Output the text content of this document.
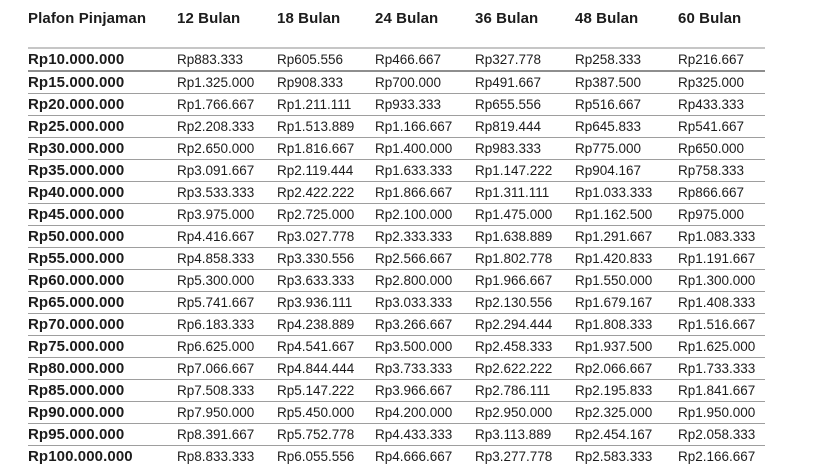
Plafon Pinjaman	12 Bulan	18 Bulan	24 Bulan	36 Bulan	48 Bulan	60 Bulan
Rp10.000.000	Rp883.333	Rp605.556	Rp466.667	Rp327.778	Rp258.333	Rp216.667
Rp15.000.000	Rp1.325.000	Rp908.333	Rp700.000	Rp491.667	Rp387.500	Rp325.000
Rp20.000.000	Rp1.766.667	Rp1.211.111	Rp933.333	Rp655.556	Rp516.667	Rp433.333
Rp25.000.000	Rp2.208.333	Rp1.513.889	Rp1.166.667	Rp819.444	Rp645.833	Rp541.667
Rp30.000.000	Rp2.650.000	Rp1.816.667	Rp1.400.000	Rp983.333	Rp775.000	Rp650.000
Rp35.000.000	Rp3.091.667	Rp2.119.444	Rp1.633.333	Rp1.147.222	Rp904.167	Rp758.333
Rp40.000.000	Rp3.533.333	Rp2.422.222	Rp1.866.667	Rp1.311.111	Rp1.033.333	Rp866.667
Rp45.000.000	Rp3.975.000	Rp2.725.000	Rp2.100.000	Rp1.475.000	Rp1.162.500	Rp975.000
Rp50.000.000	Rp4.416.667	Rp3.027.778	Rp2.333.333	Rp1.638.889	Rp1.291.667	Rp1.083.333
Rp55.000.000	Rp4.858.333	Rp3.330.556	Rp2.566.667	Rp1.802.778	Rp1.420.833	Rp1.191.667
Rp60.000.000	Rp5.300.000	Rp3.633.333	Rp2.800.000	Rp1.966.667	Rp1.550.000	Rp1.300.000
Rp65.000.000	Rp5.741.667	Rp3.936.111	Rp3.033.333	Rp2.130.556	Rp1.679.167	Rp1.408.333
Rp70.000.000	Rp6.183.333	Rp4.238.889	Rp3.266.667	Rp2.294.444	Rp1.808.333	Rp1.516.667
Rp75.000.000	Rp6.625.000	Rp4.541.667	Rp3.500.000	Rp2.458.333	Rp1.937.500	Rp1.625.000
Rp80.000.000	Rp7.066.667	Rp4.844.444	Rp3.733.333	Rp2.622.222	Rp2.066.667	Rp1.733.333
Rp85.000.000	Rp7.508.333	Rp5.147.222	Rp3.966.667	Rp2.786.111	Rp2.195.833	Rp1.841.667
Rp90.000.000	Rp7.950.000	Rp5.450.000	Rp4.200.000	Rp2.950.000	Rp2.325.000	Rp1.950.000
Rp95.000.000	Rp8.391.667	Rp5.752.778	Rp4.433.333	Rp3.113.889	Rp2.454.167	Rp2.058.333
Rp100.000.000	Rp8.833.333	Rp6.055.556	Rp4.666.667	Rp3.277.778	Rp2.583.333	Rp2.166.667
